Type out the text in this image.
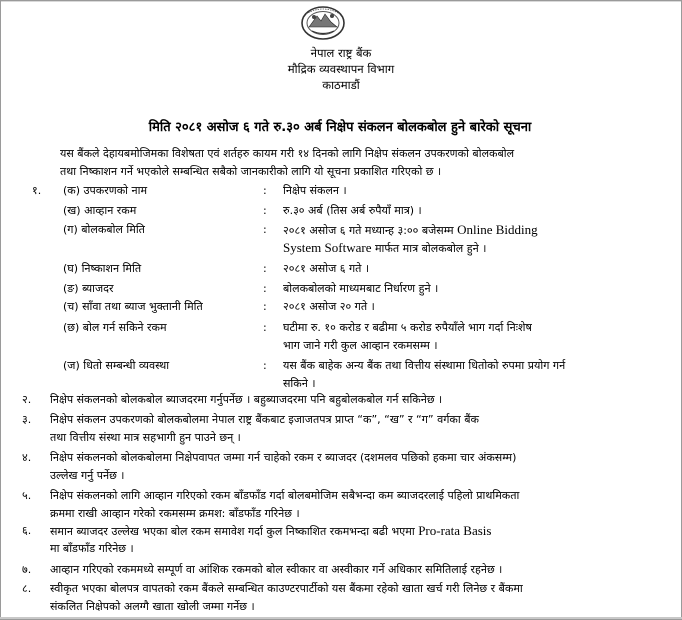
नेपाल राष्ट्र बैंक
मौद्रिक व्यवस्थापन विभाग
काठमाडौं
मिति २०८१ असोज ६ गते रु.३० अर्ब निक्षेप संकलन बोलकबोल हुने बारेको सूचना
यस बैंकले देहायबमोजिमका विशेषता एवं शर्तहरु कायम गरी १४ दिनको लागि निक्षेप संकलन उपकरणको बोलकबोल
तथा निष्काशन गर्ने भएकोले सम्बन्धित सबैको जानकारीको लागि यो सूचना प्रकाशित गरिएको छ ।
१. (क) उपकरणको नाम	: निक्षेप संकलन ।
(ख) आव्हान रकम	: रु.३० अर्ब (तिस अर्ब रुपैयाँ मात्र) ।
(ग) बोलकबोल मिति	: २०८१ असोज ६ गते मध्यान्ह ३:०० बजेसम्म Online Bidding
System Software मार्फत मात्र बोलकबोल हुने ।
(घ) निष्काशन मिति	: २०८१ असोज ६ गते ।
(ङ) ब्याजदर	: बोलकबोलको माध्यमबाट निर्धारण हुने ।
(च) साँवा तथा ब्याज भुक्तानी मिति	: २०८१ असोज २० गते ।
(छ) बोल गर्न सकिने रकम	: घटीमा रु. १० करोड र बढीमा ५ करोड रुपैयाँले भाग गर्दा निःशेष
भाग जाने गरी कुल आव्हान रकमसम्म ।
(ज) धितो सम्बन्धी व्यवस्था	: यस बैंक बाहेक अन्य बैंक तथा वित्तीय संस्थामा धितोको रुपमा प्रयोग गर्न
सकिने ।
२. निक्षेप संकलनको बोलकबोल ब्याजदरमा गर्नुपर्नेछ । बहुब्याजदरमा पनि बहुबोलकबोल गर्न सकिनेछ ।
३. निक्षेप संकलन उपकरणको बोलकबोलमा नेपाल राष्ट्र बैंकबाट इजाजतपत्र प्राप्त “क”, “ख” र “ग” वर्गका बैंक
तथा वित्तीय संस्था मात्र सहभागी हुन पाउने छन् ।
४. निक्षेप संकलनको बोलकबोलमा निक्षेपवापत जम्मा गर्न चाहेको रकम र ब्याजदर (दशमलव पछिको हकमा चार अंकसम्म)
उल्लेख गर्नु पर्नेछ ।
५. निक्षेप संकलनको लागि आव्हान गरिएको रकम बाँडफाँड गर्दा बोलबमोजिम सबैभन्दा कम ब्याजदरलाई पहिलो प्राथमिकता
क्रममा राखी आव्हान गरेको रकमसम्म क्रमश: बाँडफाँड गरिनेछ ।
६. समान ब्याजदर उल्लेख भएका बोल रकम समावेश गर्दा कुल निष्काशित रकमभन्दा बढी भएमा Pro-rata Basis
मा बाँडफाँड गरिनेछ ।
७. आव्हान गरिएको रकममध्ये सम्पूर्ण वा आंशिक रकमको बोल स्वीकार वा अस्वीकार गर्ने अधिकार समितिलाई रहनेछ ।
८. स्वीकृत भएका बोलपत्र वापतको रकम बैंकले सम्बन्धित काउण्टरपार्टीको यस बैंकमा रहेको खाता खर्च गरी लिनेछ र बैंकमा
संकलित निक्षेपको अलग्गै खाता खोली जम्मा गर्नेछ ।
